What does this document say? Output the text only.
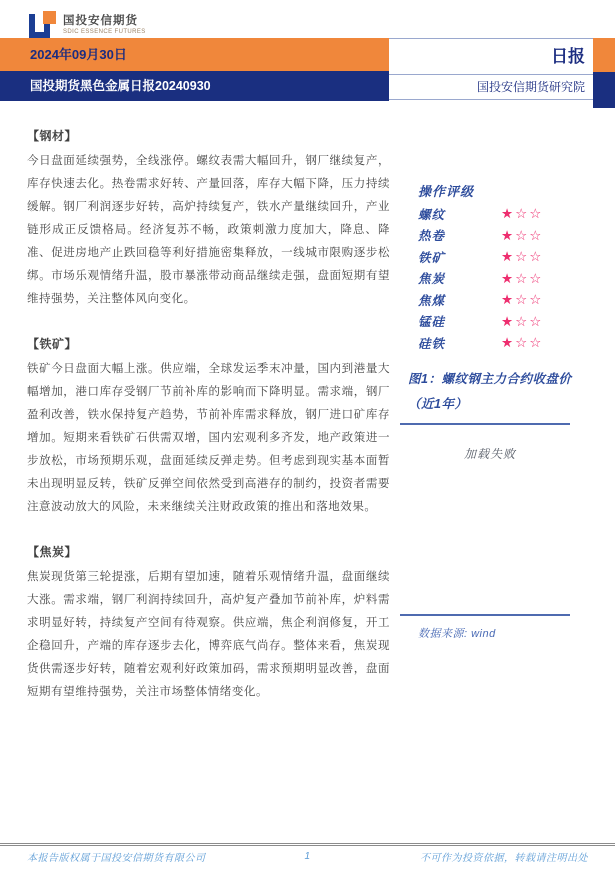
国投安信期货
SDIC ESSENCE FUTURES
2024年09月30日
国投期货黑色金属日报20240930
日报
国投安信期货研究院
【钢材】
今日盘面延续强势，全线涨停。螺纹表需大幅回升，钢厂继续复产，库存快速去化。热卷需求好转、产量回落，库存大幅下降，压力持续缓解。钢厂利润逐步好转，高炉持续复产，铁水产量继续回升，产业链形成正反馈格局。经济复苏不畅，政策刺激力度加大，降息、降准、促进房地产止跌回稳等利好措施密集释放，一线城市限购逐步松绑。市场乐观情绪升温，股市暴涨带动商品继续走强，盘面短期有望维持强势，关注整体风向变化。
【铁矿】
铁矿今日盘面大幅上涨。供应端，全球发运季末冲量，国内到港量大幅增加，港口库存受钢厂节前补库的影响而下降明显。需求端，钢厂盈利改善，铁水保持复产趋势，节前补库需求释放，钢厂进口矿库存增加。短期来看铁矿石供需双增，国内宏观利多齐发，地产政策进一步放松，市场预期乐观，盘面延续反弹走势。但考虑到现实基本面暂未出现明显反转，铁矿反弹空间依然受到高港存的制约，投资者需要注意波动放大的风险，未来继续关注财政政策的推出和落地效果。
【焦炭】
焦炭现货第三轮提涨，后期有望加速，随着乐观情绪升温，盘面继续大涨。需求端，钢厂利润持续回升，高炉复产叠加节前补库，炉料需求明显好转，持续复产空间有待观察。供应端，焦企利润修复，开工企稳回升，产端的库存逐步去化，博弈底气尚存。整体来看，焦炭现货供需逐步好转，随着宏观利好政策加码，需求预期明显改善，盘面短期有望维持强势，关注市场整体情绪变化。
操作评级
螺纹	★☆☆
热卷	★☆☆
铁矿	★☆☆
焦炭	★☆☆
焦煤	★☆☆
锰硅	★☆☆
硅铁	★☆☆
图1：螺纹钢主力合约收盘价
（近1年）
加载失败
数据来源: wind
本报告版权属于国投安信期货有限公司	1	不可作为投资依据，转载请注明出处
